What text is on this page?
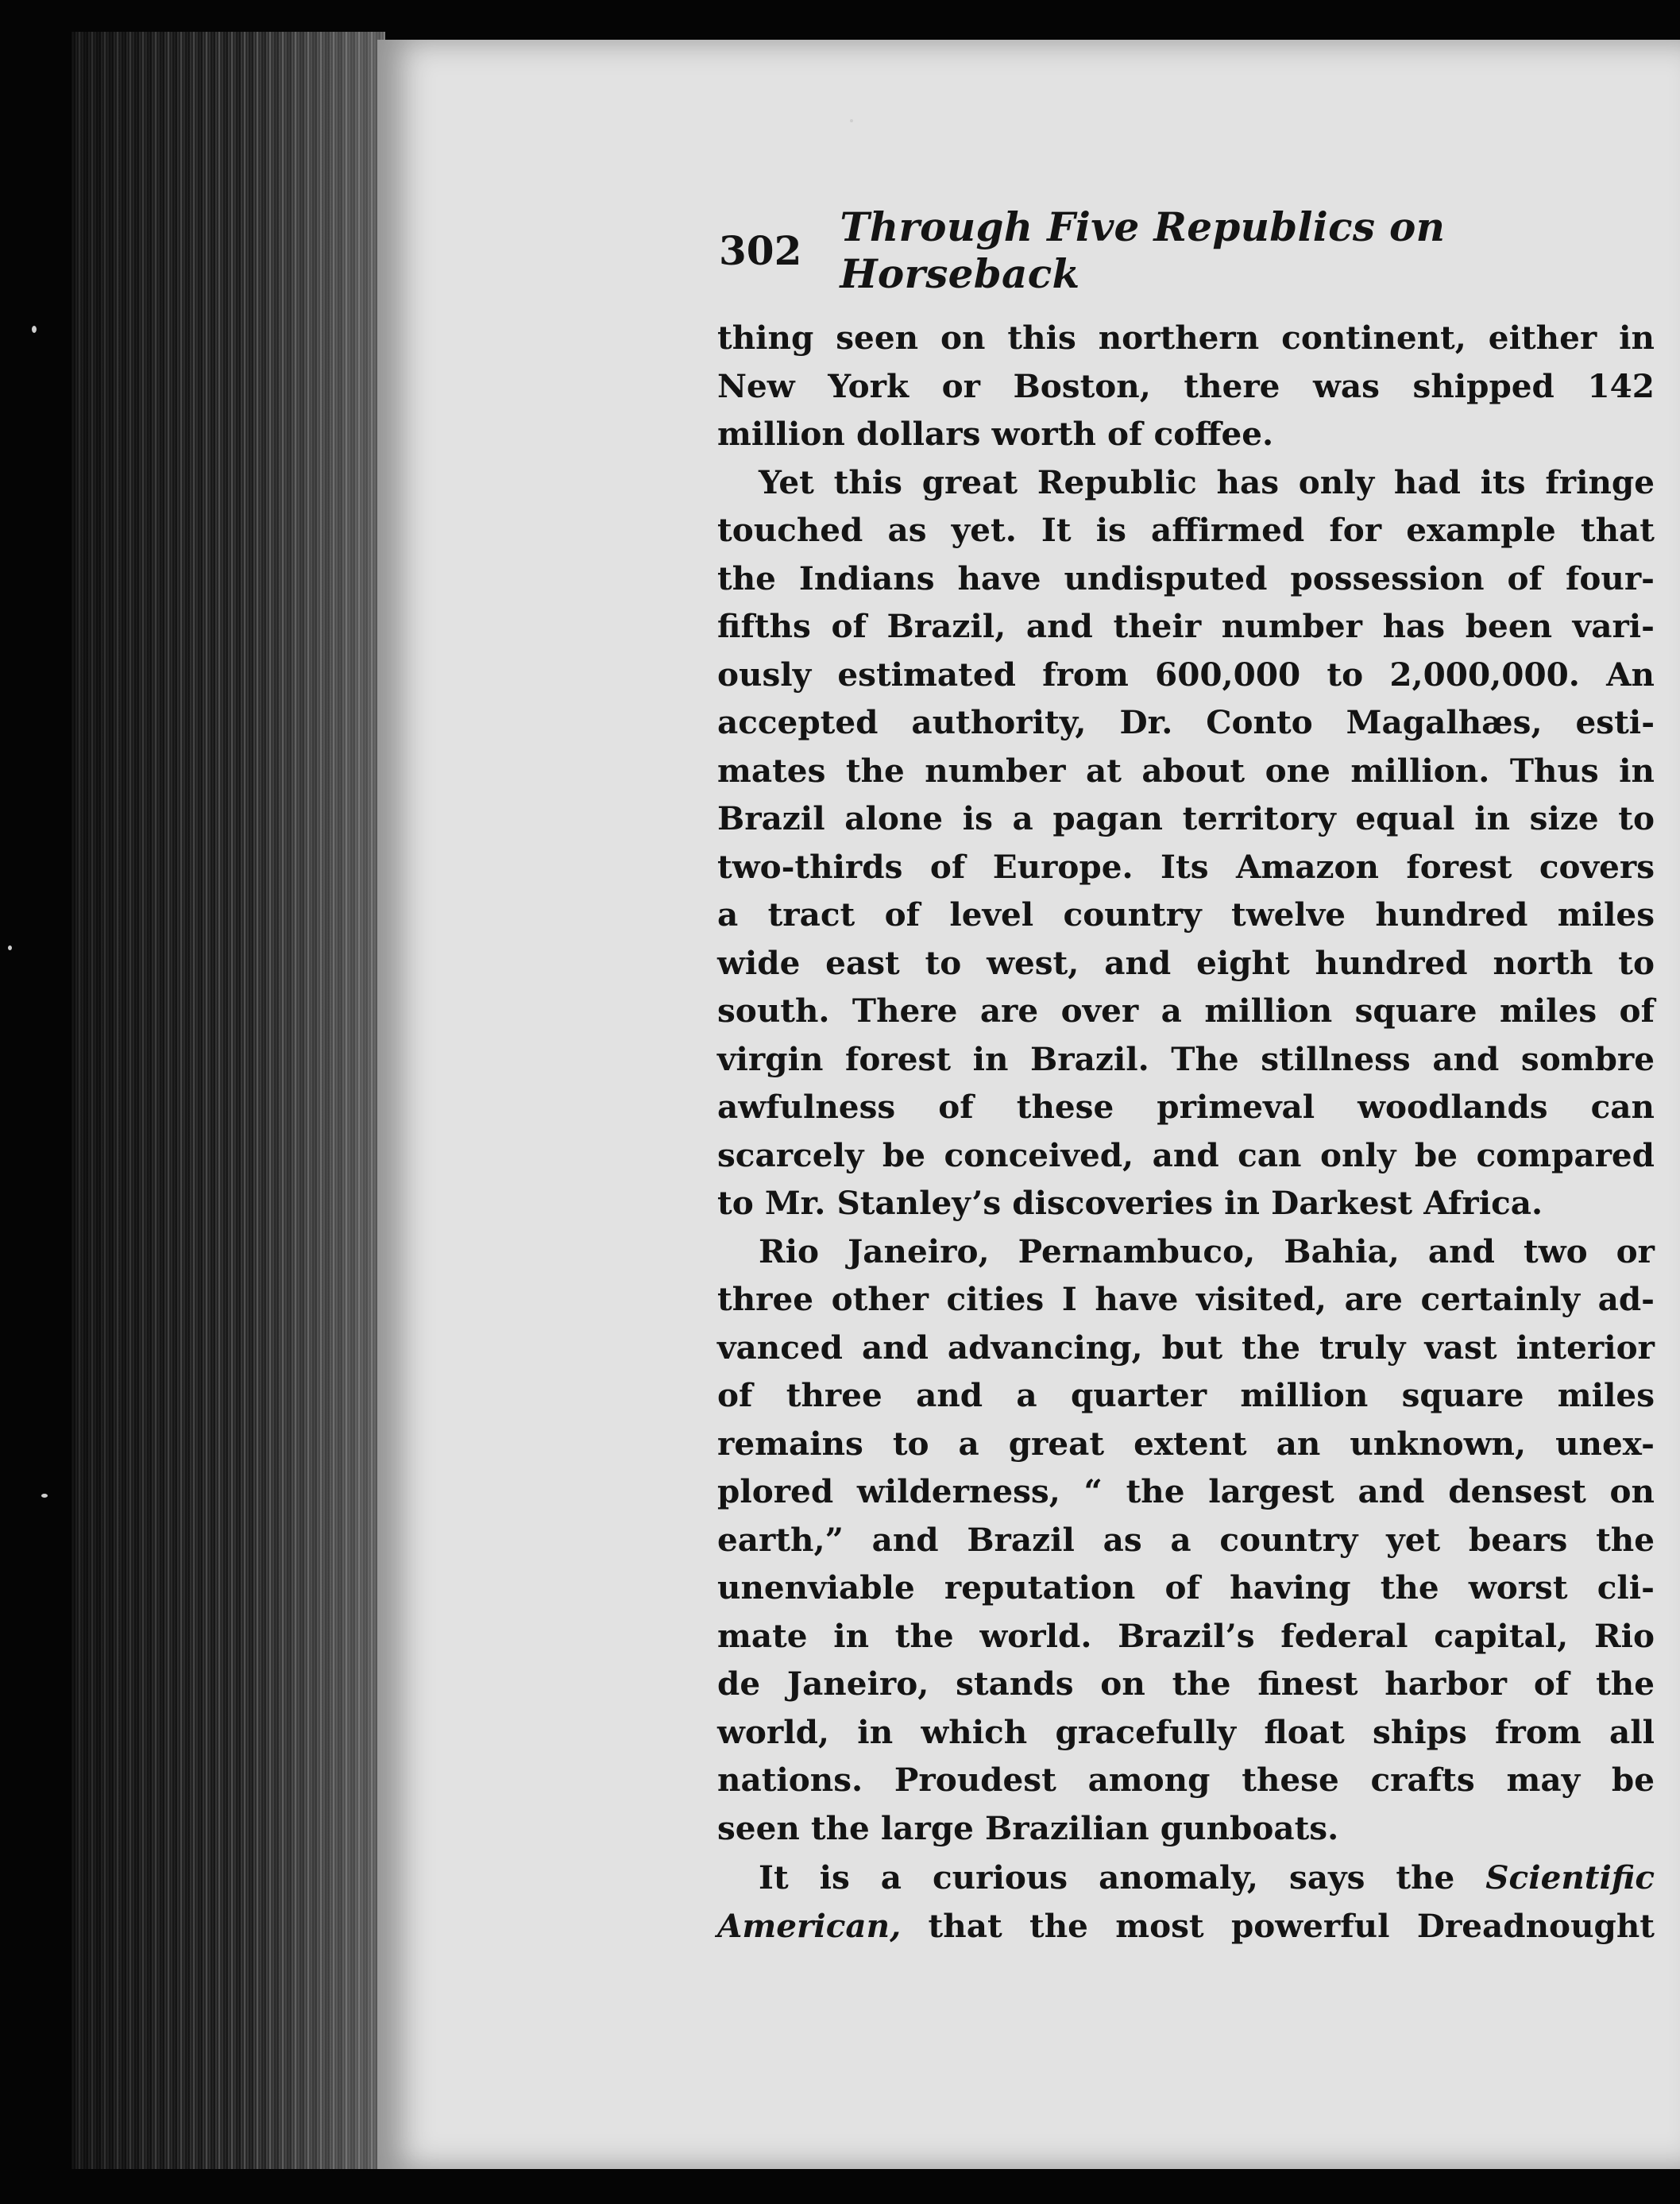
302 Through Five Republics on Horseback
thing seen on this northern continent, either in
New York or Boston, there was shipped 142
million dollars worth of coffee.
Yet this great Republic has only had its fringe
touched as yet. It is affirmed for example that
the Indians have undisputed possession of four-
fifths of Brazil, and their number has been vari-
ously estimated from 600,000 to 2,000,000. An
accepted authority, Dr. Conto Magalhæs, esti-
mates the number at about one million. Thus in
Brazil alone is a pagan territory equal in size to
two-thirds of Europe. Its Amazon forest covers
a tract of level country twelve hundred miles
wide east to west, and eight hundred north to
south. There are over a million square miles of
virgin forest in Brazil. The stillness and sombre
awfulness of these primeval woodlands can
scarcely be conceived, and can only be compared
to Mr. Stanley’s discoveries in Darkest Africa.
Rio Janeiro, Pernambuco, Bahia, and two or
three other cities I have visited, are certainly ad-
vanced and advancing, but the truly vast interior
of three and a quarter million square miles
remains to a great extent an unknown, unex-
plored wilderness, “ the largest and densest on
earth,” and Brazil as a country yet bears the
unenviable reputation of having the worst cli-
mate in the world. Brazil’s federal capital, Rio
de Janeiro, stands on the finest harbor of the
world, in which gracefully float ships from all
nations. Proudest among these crafts may be
seen the large Brazilian gunboats.
It is a curious anomaly, says the Scientific
American, that the most powerful Dreadnought
